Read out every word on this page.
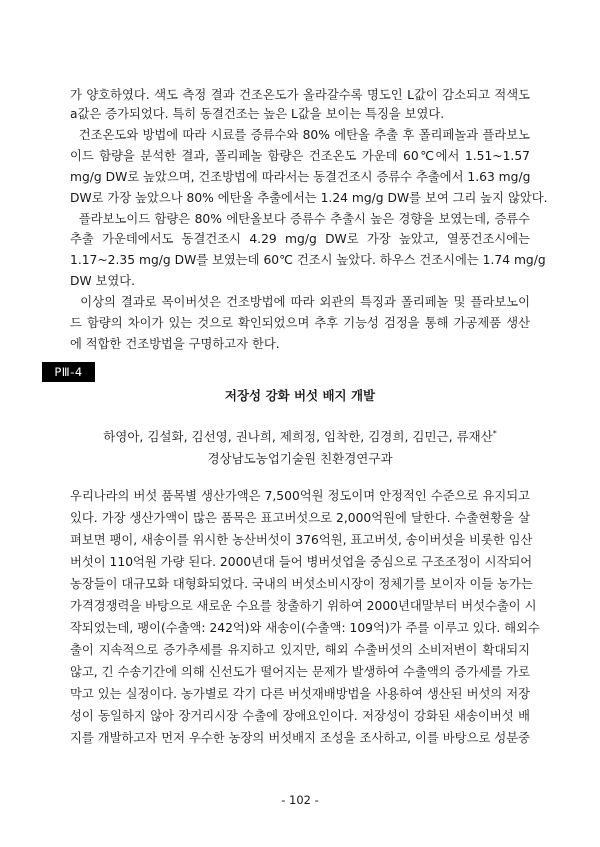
가 양호하였다. 색도 측정 결과 건조온도가 올라갈수록 명도인 L값이 감소되고 적색도
a값은 증가되었다. 특히 동결건조는 높은 L값을 보이는 특징을 보였다.
건조온도와 방법에 따라 시료를 증류수와 80% 에탄올 추출 후 폴리페놀과 플라보노
이드 함량을 분석한 결과, 폴리페놀 함량은 건조온도 가운데 60℃에서 1.51~1.57
mg/g DW로 높았으며, 건조방법에 따라서는 동결건조시 증류수 추출에서 1.63 mg/g
DW로 가장 높았으나 80% 에탄올 추출에서는 1.24 mg/g DW를 보여 그리 높지 않았다.
플라보노이드 함량은 80% 에탄올보다 증류수 추출시 높은 경향을 보였는데, 증류수
추출 가운데에서도 동결건조시 4.29 mg/g DW로 가장 높았고, 열풍건조시에는
1.17~2.35 mg/g DW를 보였는데 60℃ 건조시 높았다. 하우스 건조시에는 1.74 mg/g
DW 보였다.
이상의 결과로 목이버섯은 건조방법에 따라 외관의 특징과 폴리페놀 및 플라보노이
드 함량의 차이가 있는 것으로 확인되었으며 추후 기능성 검정을 통해 가공제품 생산
에 적합한 건조방법을 구명하고자 한다.
PⅢ-4
저장성 강화 버섯 배지 개발
하영아, 김설화, 김선영, 권나희, 제희정, 임착한, 김경희, 김민근, 류재산*
경상남도농업기술원 친환경연구과
우리나라의 버섯 품목별 생산가액은 7,500억원 정도이며 안정적인 수준으로 유지되고
있다. 가장 생산가액이 많은 품목은 표고버섯으로 2,000억원에 달한다. 수출현황을 살
펴보면 팽이, 새송이를 위시한 농산버섯이 376억원, 표고버섯, 송이버섯을 비롯한 임산
버섯이 110억원 가량 된다. 2000년대 들어 병버섯업을 중심으로 구조조정이 시작되어
농장들이 대규모화 대형화되었다. 국내의 버섯소비시장이 정체기를 보이자 이들 농가는
가격경쟁력을 바탕으로 새로운 수요를 창출하기 위하여 2000년대말부터 버섯수출이 시
작되었는데, 팽이(수출액: 242억)와 새송이(수출액: 109억)가 주를 이루고 있다. 해외수
출이 지속적으로 증가추세를 유지하고 있지만, 해외 수출버섯의 소비저변이 확대되지
않고, 긴 수송기간에 의해 신선도가 떨어지는 문제가 발생하여 수출액의 증가세를 가로
막고 있는 실정이다. 농가별로 각기 다른 버섯재배방법을 사용하여 생산된 버섯의 저장
성이 동일하지 않아 장거리시장 수출에 장애요인이다. 저장성이 강화된 새송이버섯 배
지를 개발하고자 먼저 우수한 농장의 버섯배지 조성을 조사하고, 이를 바탕으로 성분중
- 102 -
